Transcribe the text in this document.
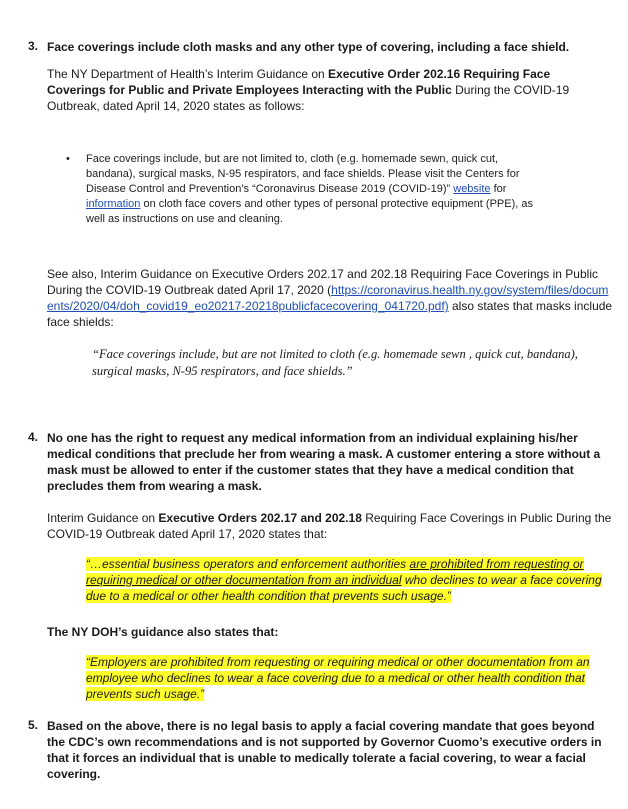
3. Face coverings include cloth masks and any other type of covering, including a face shield.

The NY Department of Health’s Interim Guidance on Executive Order 202.16 Requiring Face Coverings for Public and Private Employees Interacting with the Public During the COVID-19 Outbreak, dated April 14, 2020 states as follows:

• Face coverings include, but are not limited to, cloth (e.g. homemade sewn, quick cut, bandana), surgical masks, N-95 respirators, and face shields. Please visit the Centers for Disease Control and Prevention’s “Coronavirus Disease 2019 (COVID-19)” website for information on cloth face covers and other types of personal protective equipment (PPE), as well as instructions on use and cleaning.

See also, Interim Guidance on Executive Orders 202.17 and 202.18 Requiring Face Coverings in Public During the COVID-19 Outbreak dated April 17, 2020 (https://coronavirus.health.ny.gov/system/files/documents/2020/04/doh_covid19_eo20217-20218publicfacecovering_041720.pdf) also states that masks include face shields:

“Face coverings include, but are not limited to cloth (e.g. homemade sewn , quick cut, bandana), surgical masks, N-95 respirators, and face shields.”

4. No one has the right to request any medical information from an individual explaining his/her medical conditions that preclude her from wearing a mask. A customer entering a store without a mask must be allowed to enter if the customer states that they have a medical condition that precludes them from wearing a mask.

Interim Guidance on Executive Orders 202.17 and 202.18 Requiring Face Coverings in Public During the COVID-19 Outbreak dated April 17, 2020 states that:

“…essential business operators and enforcement authorities are prohibited from requesting or requiring medical or other documentation from an individual who declines to wear a face covering due to a medical or other health condition that prevents such usage.”

The NY DOH’s guidance also states that:

“Employers are prohibited from requesting or requiring medical or other documentation from an employee who declines to wear a face covering due to a medical or other health condition that prevents such usage.”

5. Based on the above, there is no legal basis to apply a facial covering mandate that goes beyond the CDC’s own recommendations and is not supported by Governor Cuomo’s executive orders in that it forces an individual that is unable to medically tolerate a facial covering, to wear a facial covering.
